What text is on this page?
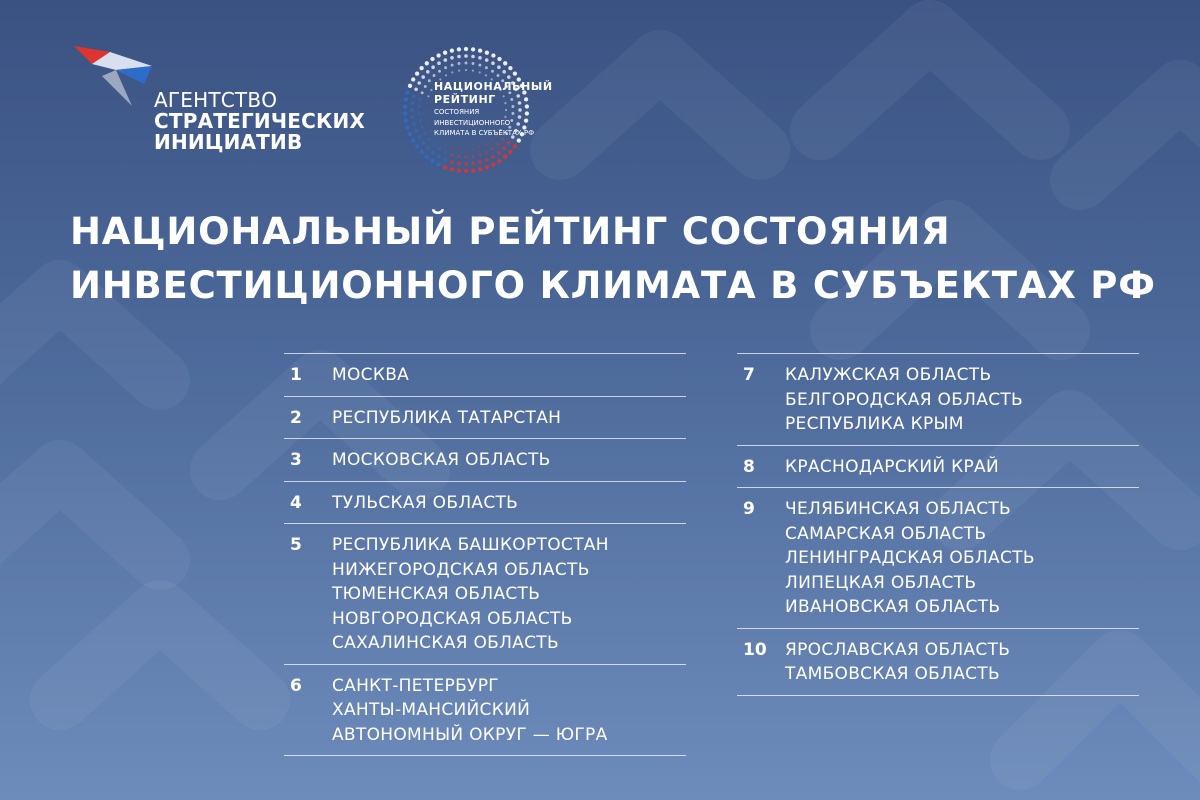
АГЕНТСТВО
СТРАТЕГИЧЕСКИХ
ИНИЦИАТИВ
НАЦИОНАЛЬНЫЙ
РЕЙТИНГ
СОСТОЯНИЯ
ИНВЕСТИЦИОННОГО
КЛИМАТА В СУБЪЕКТАХ РФ
НАЦИОНАЛЬНЫЙ РЕЙТИНГ СОСТОЯНИЯ
ИНВЕСТИЦИОННОГО КЛИМАТА В СУБЪЕКТАХ РФ
1	МОСКВА
2	РЕСПУБЛИКА ТАТАРСТАН
3	МОСКОВСКАЯ ОБЛАСТЬ
4	ТУЛЬСКАЯ ОБЛАСТЬ
5	РЕСПУБЛИКА БАШКОРТОСТАН
НИЖЕГОРОДСКАЯ ОБЛАСТЬ
ТЮМЕНСКАЯ ОБЛАСТЬ
НОВГОРОДСКАЯ ОБЛАСТЬ
САХАЛИНСКАЯ ОБЛАСТЬ
6	САНКТ-ПЕТЕРБУРГ
ХАНТЫ-МАНСИЙСКИЙ
АВТОНОМНЫЙ ОКРУГ — ЮГРА
7	КАЛУЖСКАЯ ОБЛАСТЬ
БЕЛГОРОДСКАЯ ОБЛАСТЬ
РЕСПУБЛИКА КРЫМ
8	КРАСНОДАРСКИЙ КРАЙ
9	ЧЕЛЯБИНСКАЯ ОБЛАСТЬ
САМАРСКАЯ ОБЛАСТЬ
ЛЕНИНГРАДСКАЯ ОБЛАСТЬ
ЛИПЕЦКАЯ ОБЛАСТЬ
ИВАНОВСКАЯ ОБЛАСТЬ
10	ЯРОСЛАВСКАЯ ОБЛАСТЬ
ТАМБОВСКАЯ ОБЛАСТЬ
